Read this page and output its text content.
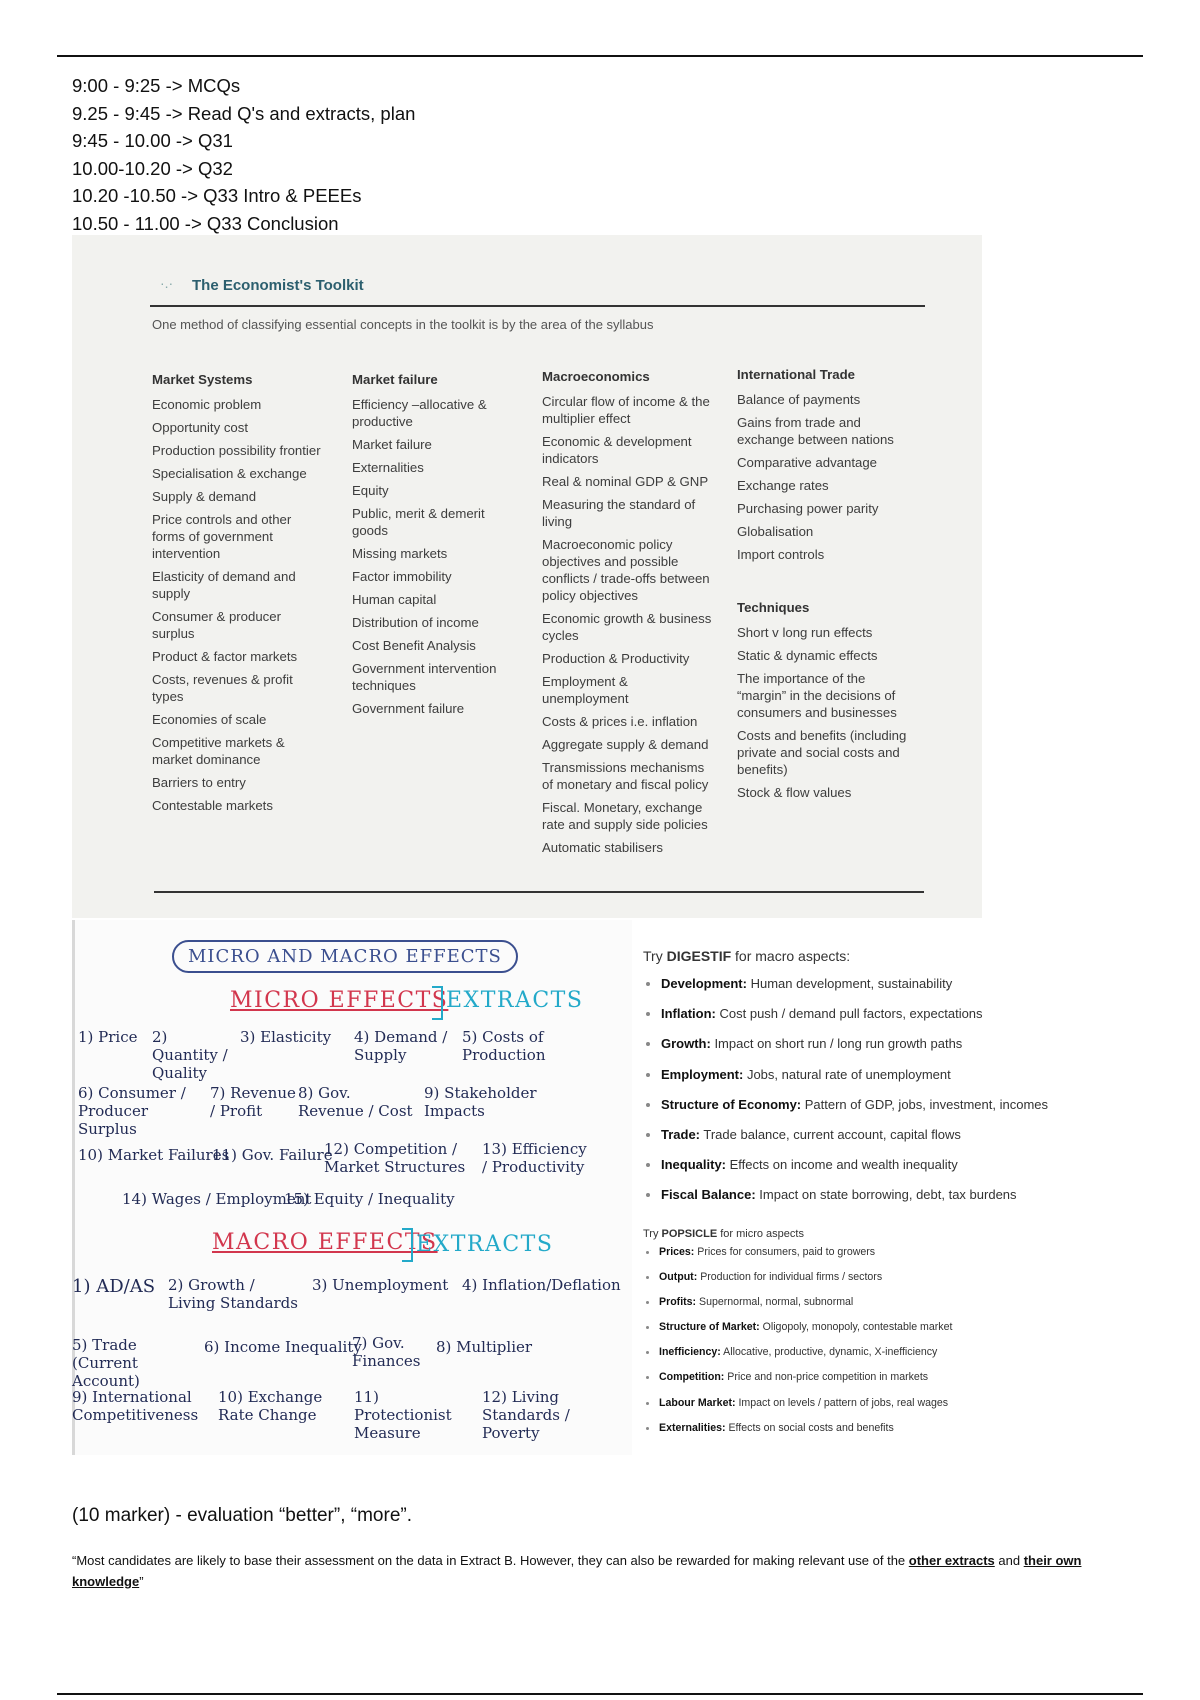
9:00 - 9:25 -> MCQs
9.25 - 9:45 -> Read Q's and extracts, plan
9:45 - 10.00 -> Q31
10.00-10.20 -> Q32
10.20 -10.50 -> Q33 Intro & PEEEs
10.50 - 11.00 -> Q33 Conclusion
·.· The Economist's Toolkit
One method of classifying essential concepts in the toolkit is by the area of the syllabus
Market Systems
Economic problem
Opportunity cost
Production possibility frontier
Specialisation & exchange
Supply & demand
Price controls and other forms of government intervention
Elasticity of demand and supply
Consumer & producer surplus
Product & factor markets
Costs, revenues & profit types
Economies of scale
Competitive markets & market dominance
Barriers to entry
Contestable markets
Market failure
Efficiency –allocative & productive
Market failure
Externalities
Equity
Public, merit & demerit goods
Missing markets
Factor immobility
Human capital
Distribution of income
Cost Benefit Analysis
Government intervention techniques
Government failure
Macroeconomics
Circular flow of income & the multiplier effect
Economic & development indicators
Real & nominal GDP & GNP
Measuring the standard of living
Macroeconomic policy objectives and possible conflicts / trade-offs between policy objectives
Economic growth & business cycles
Production & Productivity
Employment & unemployment
Costs & prices i.e. inflation
Aggregate supply & demand
Transmissions mechanisms of monetary and fiscal policy
Fiscal. Monetary, exchange rate and supply side policies
Automatic stabilisers
International Trade
Balance of payments
Gains from trade and exchange between nations
Comparative advantage
Exchange rates
Purchasing power parity
Globalisation
Import controls
Techniques
Short v long run effects
Static & dynamic effects
The importance of the “margin” in the decisions of consumers and businesses
Costs and benefits (including private and social costs and benefits)
Stock & flow values
MICRO AND MACRO EFFECTS
MICRO EFFECTS
EXTRACTS
1) Price 2) Quantity / Quality
3) Elasticity 4) Demand / Supply
5) Costs of Production
6) Consumer / Producer Surplus
7) Revenue / Profit
8) Gov. Revenue / Cost
9) Stakeholder Impacts
10) Market Failures
11) Gov. Failure
12) Competition / Market Structures
13) Efficiency / Productivity
14) Wages / Employment
15) Equity / Inequality
MACRO EFFECTS
EXTRACTS
1) AD/AS 2) Growth / Living Standards
3) Unemployment 4) Inflation/Deflation
5) Trade (Current Account)
6) Income Inequality
7) Gov. Finances
8) Multiplier
9) International Competitiveness
10) Exchange Rate Change
11) Protectionist Measure
12) Living Standards / Poverty
Try DIGESTIF for macro aspects:
Development: Human development, sustainability
Inflation: Cost push / demand pull factors, expectations
Growth: Impact on short run / long run growth paths
Employment: Jobs, natural rate of unemployment
Structure of Economy: Pattern of GDP, jobs, investment, incomes
Trade: Trade balance, current account, capital flows
Inequality: Effects on income and wealth inequality
Fiscal Balance: Impact on state borrowing, debt, tax burdens
Try POPSICLE for micro aspects
Prices: Prices for consumers, paid to growers
Output: Production for individual firms / sectors
Profits: Supernormal, normal, subnormal
Structure of Market: Oligopoly, monopoly, contestable market
Inefficiency: Allocative, productive, dynamic, X-inefficiency
Competition: Price and non-price competition in markets
Labour Market: Impact on levels / pattern of jobs, real wages
Externalities: Effects on social costs and benefits
(10 marker) - evaluation “better”, “more”.
“Most candidates are likely to base their assessment on the data in Extract B. However, they can also be rewarded for making relevant use of the other extracts and their own knowledge”
